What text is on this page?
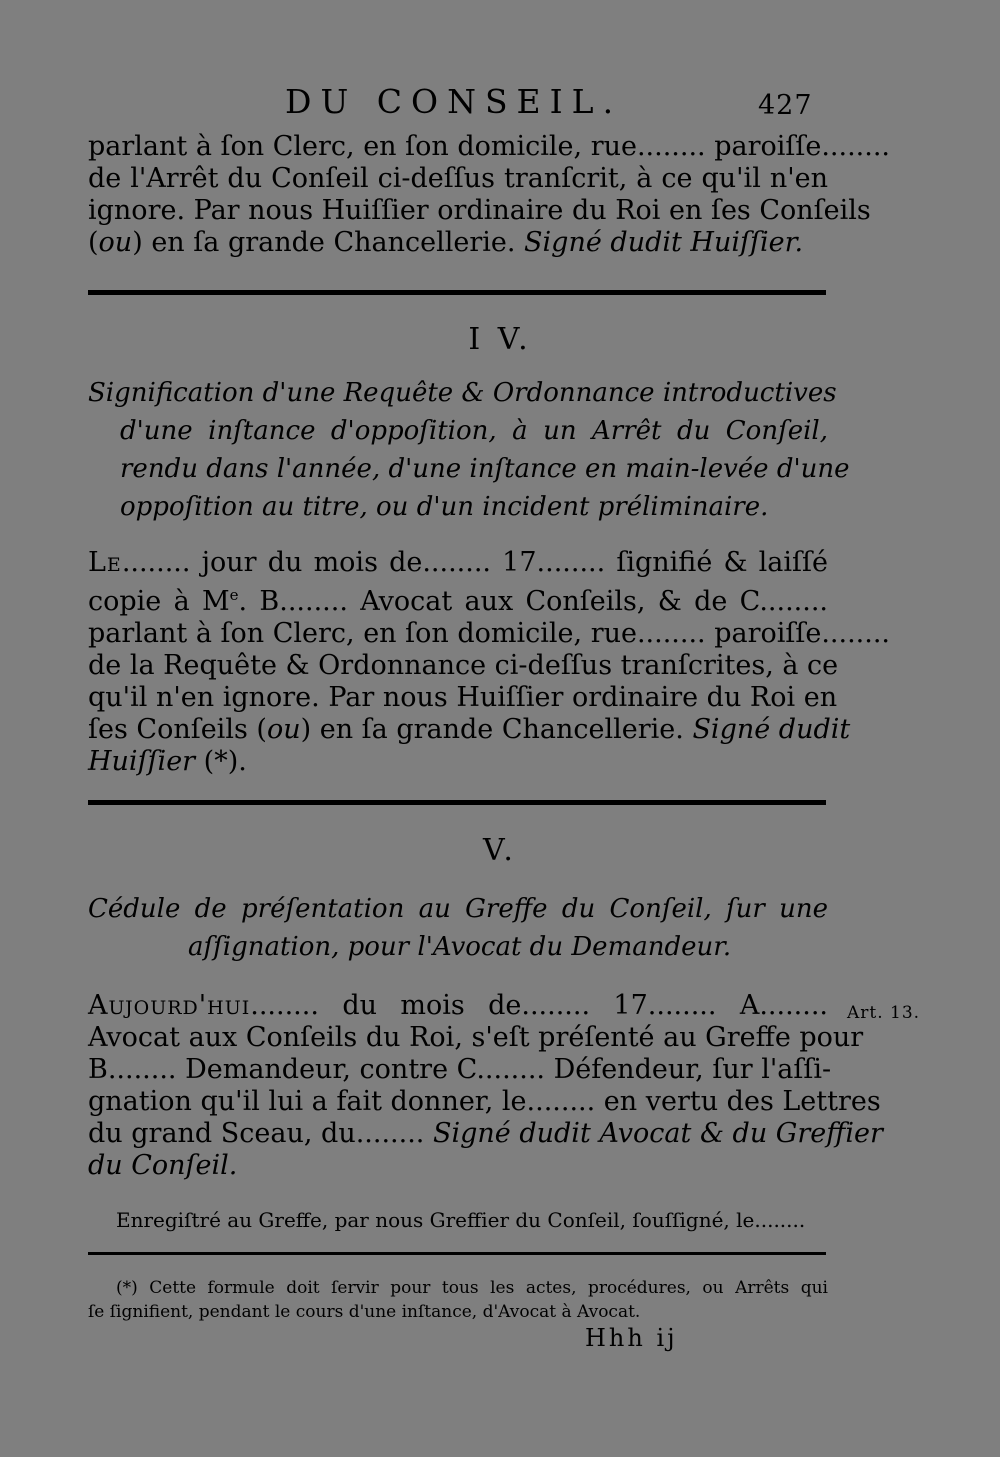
DU CONSEIL.	427
parlant à ſon Clerc, en ſon domicile, rue........ paroiſſe........
de l'Arrêt du Conſeil ci-deſſus tranſcrit, à ce qu'il n'en
ignore. Par nous Huiſſier ordinaire du Roi en ſes Conſeils
(ou) en ſa grande Chancellerie. Signé dudit Huiſſier.
I V.
Signification d'une Requête & Ordonnance introductives
d'une inſtance d'oppoſition, à un Arrêt du Conſeil,
rendu dans l'année, d'une inſtance en main-levée d'une
oppoſition au titre, ou d'un incident préliminaire.
Le........ jour du mois de........ 17........ ſignifié & laiſſé
copie à Me. B........ Avocat aux Conſeils, & de C........
parlant à ſon Clerc, en ſon domicile, rue........ paroiſſe........
de la Requête & Ordonnance ci-deſſus tranſcrites, à ce
qu'il n'en ignore. Par nous Huiſſier ordinaire du Roi en
ſes Conſeils (ou) en ſa grande Chancellerie. Signé dudit
Huiſſier (*).
V.
Cédule de préſentation au Greffe du Conſeil, ſur une
aſſignation, pour l'Avocat du Demandeur.
Art. 13.
Aujourd'hui........ du mois de........ 17........ A........
Avocat aux Conſeils du Roi, s'eſt préſenté au Greffe pour
B........ Demandeur, contre C........ Défendeur, ſur l'aſſi-
gnation qu'il lui a fait donner, le........ en vertu des Lettres
du grand Sceau, du........ Signé dudit Avocat & du Greffier
du Conſeil.
Enregiſtré au Greffe, par nous Greffier du Conſeil, ſouſſigné, le........
(*) Cette formule doit ſervir pour tous les actes, procédures, ou Arrêts qui
ſe ſignifient, pendant le cours d'une inſtance, d'Avocat à Avocat.
Hhh ij
